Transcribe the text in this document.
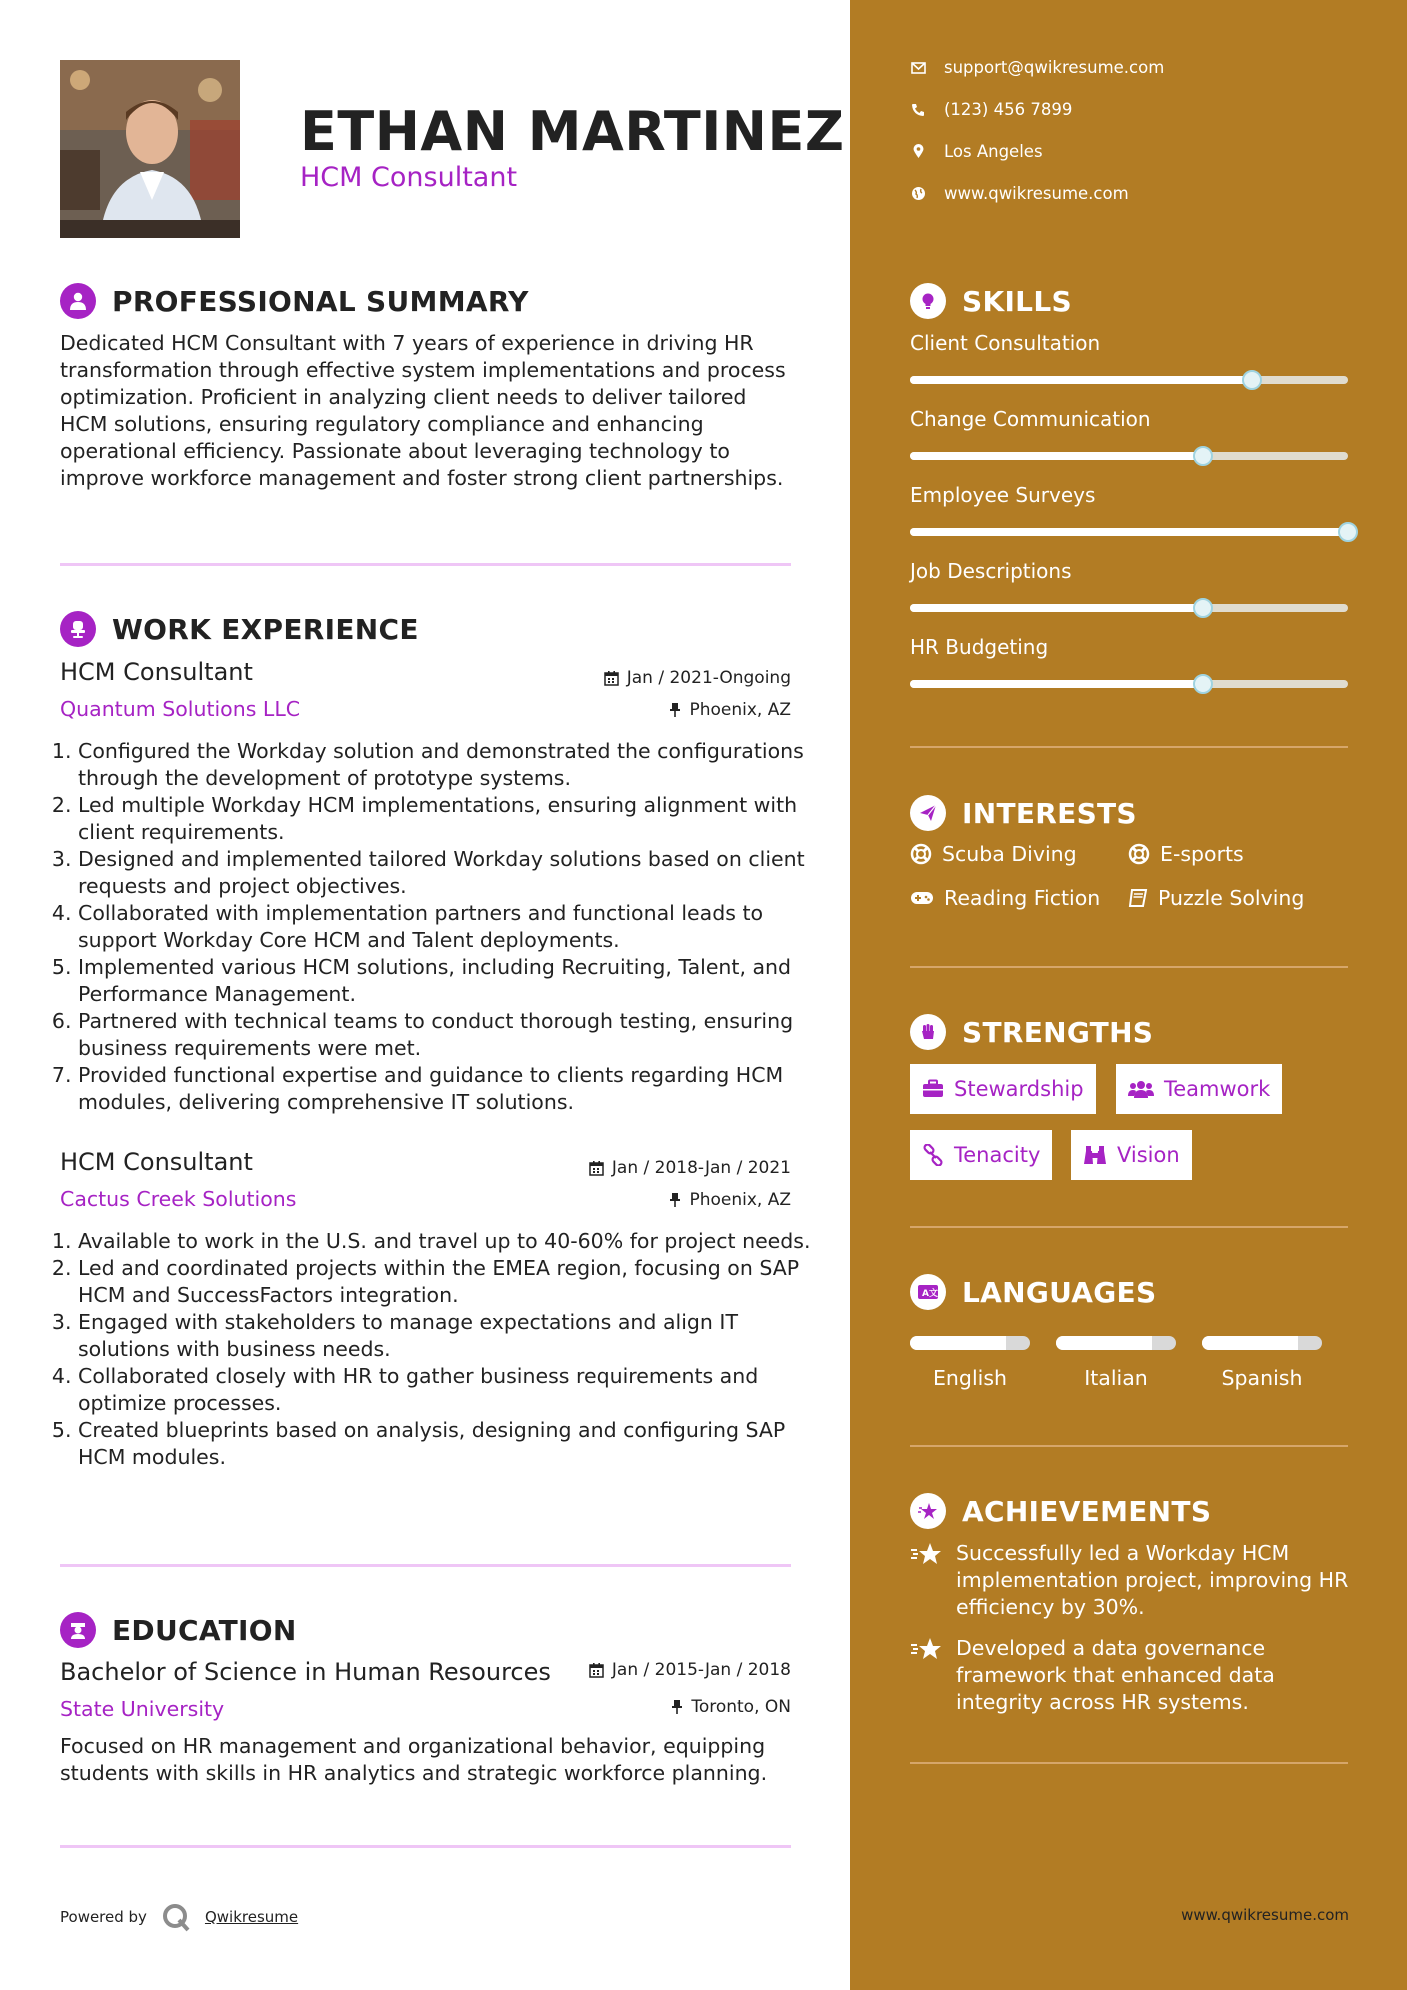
ETHAN MARTINEZ
HCM Consultant
PROFESSIONAL SUMMARY
Dedicated HCM Consultant with 7 years of experience in driving HR transformation through effective system implementations and process optimization. Proficient in analyzing client needs to deliver tailored HCM solutions, ensuring regulatory compliance and enhancing operational efficiency. Passionate about leveraging technology to improve workforce management and foster strong client partnerships.
WORK EXPERIENCE
HCM Consultant	Jan / 2021-Ongoing
Quantum Solutions LLC	Phoenix, AZ
1. Configured the Workday solution and demonstrated the configurations through the development of prototype systems.
2. Led multiple Workday HCM implementations, ensuring alignment with client requirements.
3. Designed and implemented tailored Workday solutions based on client requests and project objectives.
4. Collaborated with implementation partners and functional leads to support Workday Core HCM and Talent deployments.
5. Implemented various HCM solutions, including Recruiting, Talent, and Performance Management.
6. Partnered with technical teams to conduct thorough testing, ensuring business requirements were met.
7. Provided functional expertise and guidance to clients regarding HCM modules, delivering comprehensive IT solutions.
HCM Consultant	Jan / 2018-Jan / 2021
Cactus Creek Solutions	Phoenix, AZ
1. Available to work in the U.S. and travel up to 40-60% for project needs.
2. Led and coordinated projects within the EMEA region, focusing on SAP HCM and SuccessFactors integration.
3. Engaged with stakeholders to manage expectations and align IT solutions with business needs.
4. Collaborated closely with HR to gather business requirements and optimize processes.
5. Created blueprints based on analysis, designing and configuring SAP HCM modules.
EDUCATION
Bachelor of Science in Human Resources	Jan / 2015-Jan / 2018
State University	Toronto, ON
Focused on HR management and organizational behavior, equipping students with skills in HR analytics and strategic workforce planning.
Powered by	Qwikresume
support@qwikresume.com
(123) 456 7899
Los Angeles
www.qwikresume.com
SKILLS
Client Consultation
Change Communication
Employee Surveys
Job Descriptions
HR Budgeting
INTERESTS
Scuba Diving	E-sports
Reading Fiction	Puzzle Solving
STRENGTHS
Stewardship	Teamwork
Tenacity	Vision
A 文 LANGUAGES
English	Italian	Spanish
ACHIEVEMENTS
Successfully led a Workday HCM implementation project, improving HR efficiency by 30%.
Developed a data governance framework that enhanced data integrity across HR systems.
www.qwikresume.com
